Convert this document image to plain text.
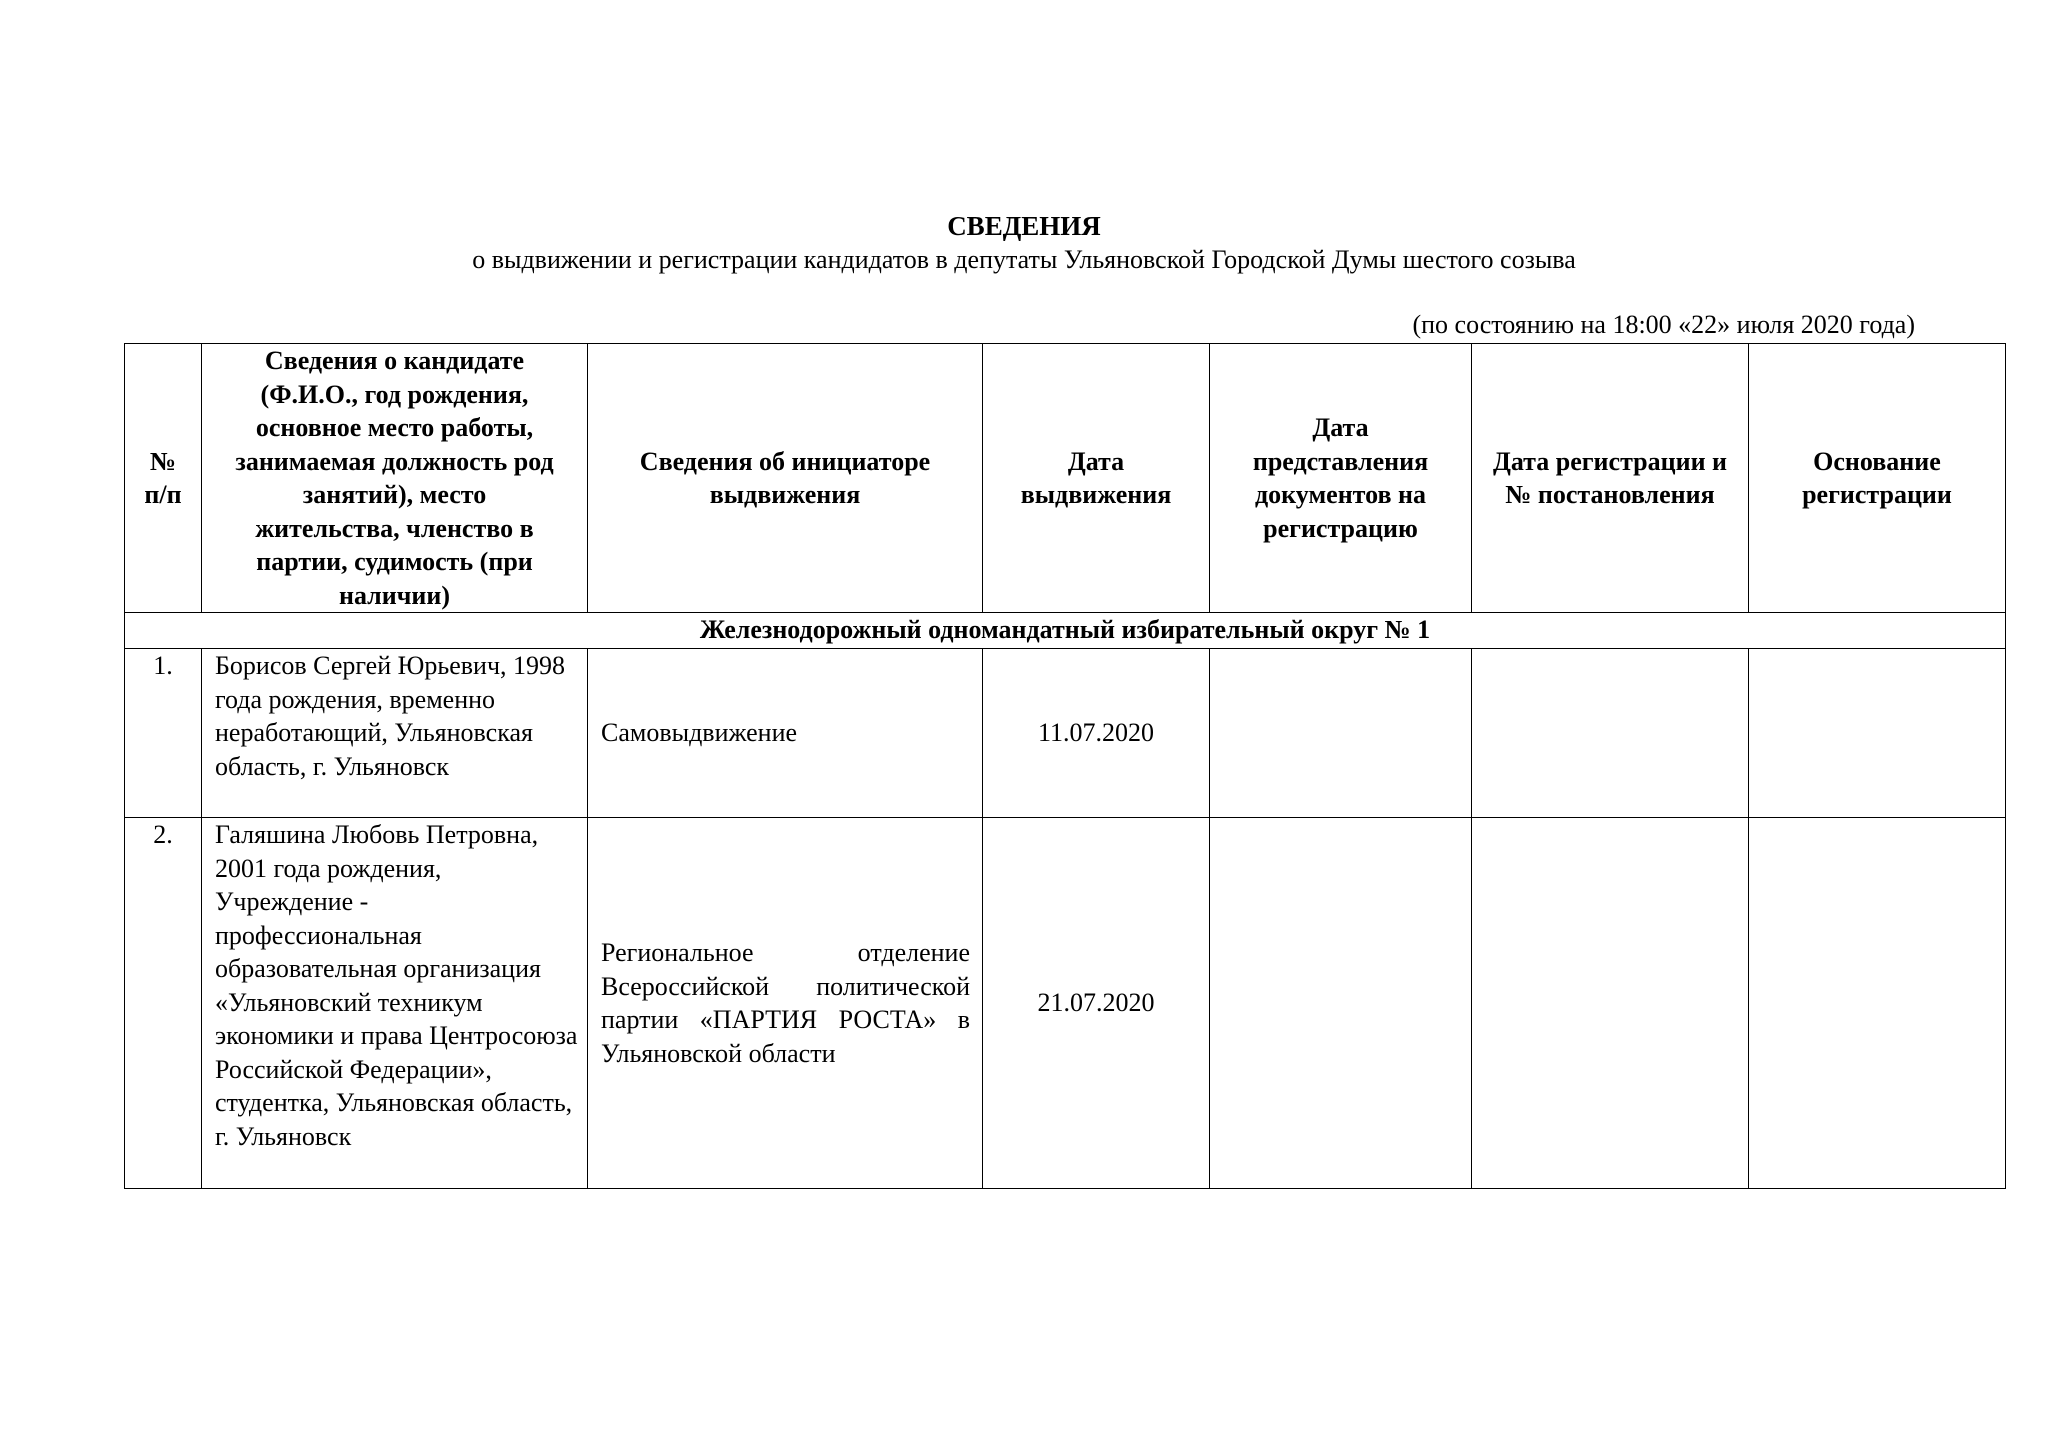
СВЕДЕНИЯ
о выдвижении и регистрации кандидатов в депутаты Ульяновской Городской Думы шестого созыва
(по состоянию на 18:00 «22» июля 2020 года)
№ п/п	Сведения о кандидате (Ф.И.О., год рождения, основное место работы, занимаемая должность род занятий), место жительства, членство в партии, судимость (при наличии)	Сведения об инициаторе выдвижения	Дата выдвижения	Дата представления документов на регистрацию	Дата регистрации и № постановления	Основание регистрации
Железнодорожный одномандатный избирательный округ № 1						
1.	Борисов Сергей Юрьевич, 1998 года рождения, временно неработающий, Ульяновская область, г. Ульяновск	Самовыдвижение	11.07.2020			
2.	Галяшина Любовь Петровна, 2001 года рождения, Учреждение - профессиональная образовательная организация «Ульяновский техникум экономики и права Центросоюза Российской Федерации», студентка, Ульяновская область, г. Ульяновск	Региональное отделение Всероссийской политической партии «ПАРТИЯ РОСТА» в Ульяновской области	21.07.2020			
